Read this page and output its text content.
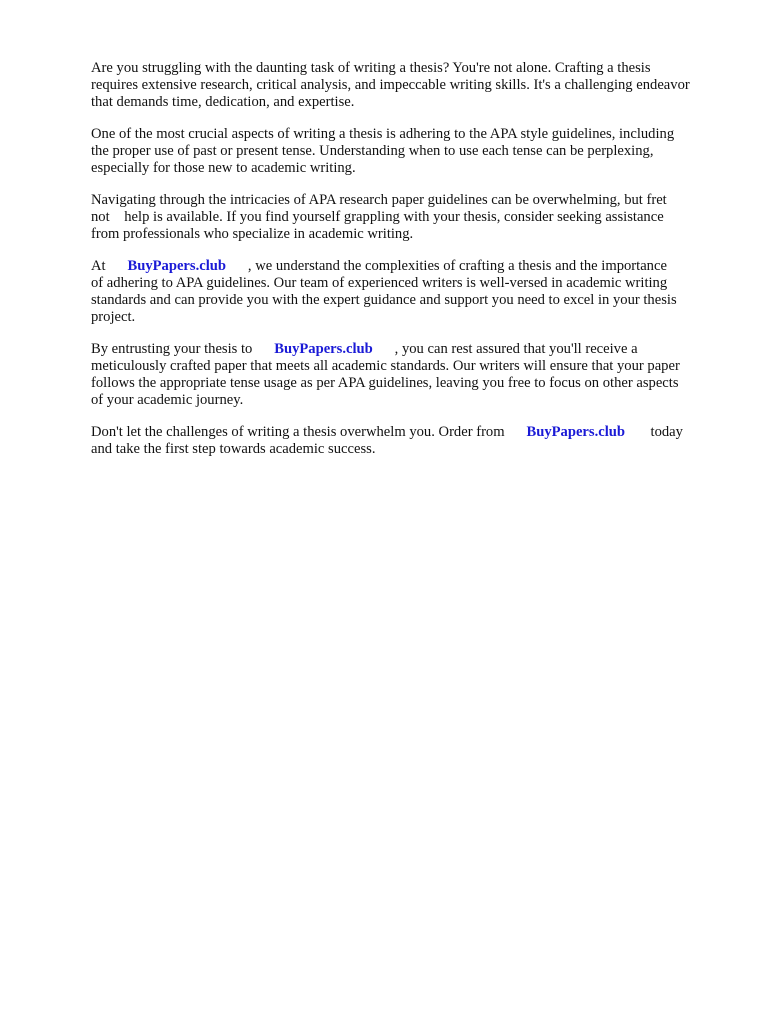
Are you struggling with the daunting task of writing a thesis? You're not alone. Crafting a thesis
requires extensive research, critical analysis, and impeccable writing skills. It's a challenging endeavor
that demands time, dedication, and expertise.

One of the most crucial aspects of writing a thesis is adhering to the APA style guidelines, including
the proper use of past or present tense. Understanding when to use each tense can be perplexing,
especially for those new to academic writing.

Navigating through the intricacies of APA research paper guidelines can be overwhelming, but fret
not    help is available. If you find yourself grappling with your thesis, consider seeking assistance
from professionals who specialize in academic writing.

At      BuyPapers.club      , we understand the complexities of crafting a thesis and the importance
of adhering to APA guidelines. Our team of experienced writers is well-versed in academic writing
standards and can provide you with the expert guidance and support you need to excel in your thesis
project.

By entrusting your thesis to      BuyPapers.club      , you can rest assured that you'll receive a
meticulously crafted paper that meets all academic standards. Our writers will ensure that your paper
follows the appropriate tense usage as per APA guidelines, leaving you free to focus on other aspects
of your academic journey.

Don't let the challenges of writing a thesis overwhelm you. Order from      BuyPapers.club       today
and take the first step towards academic success.
